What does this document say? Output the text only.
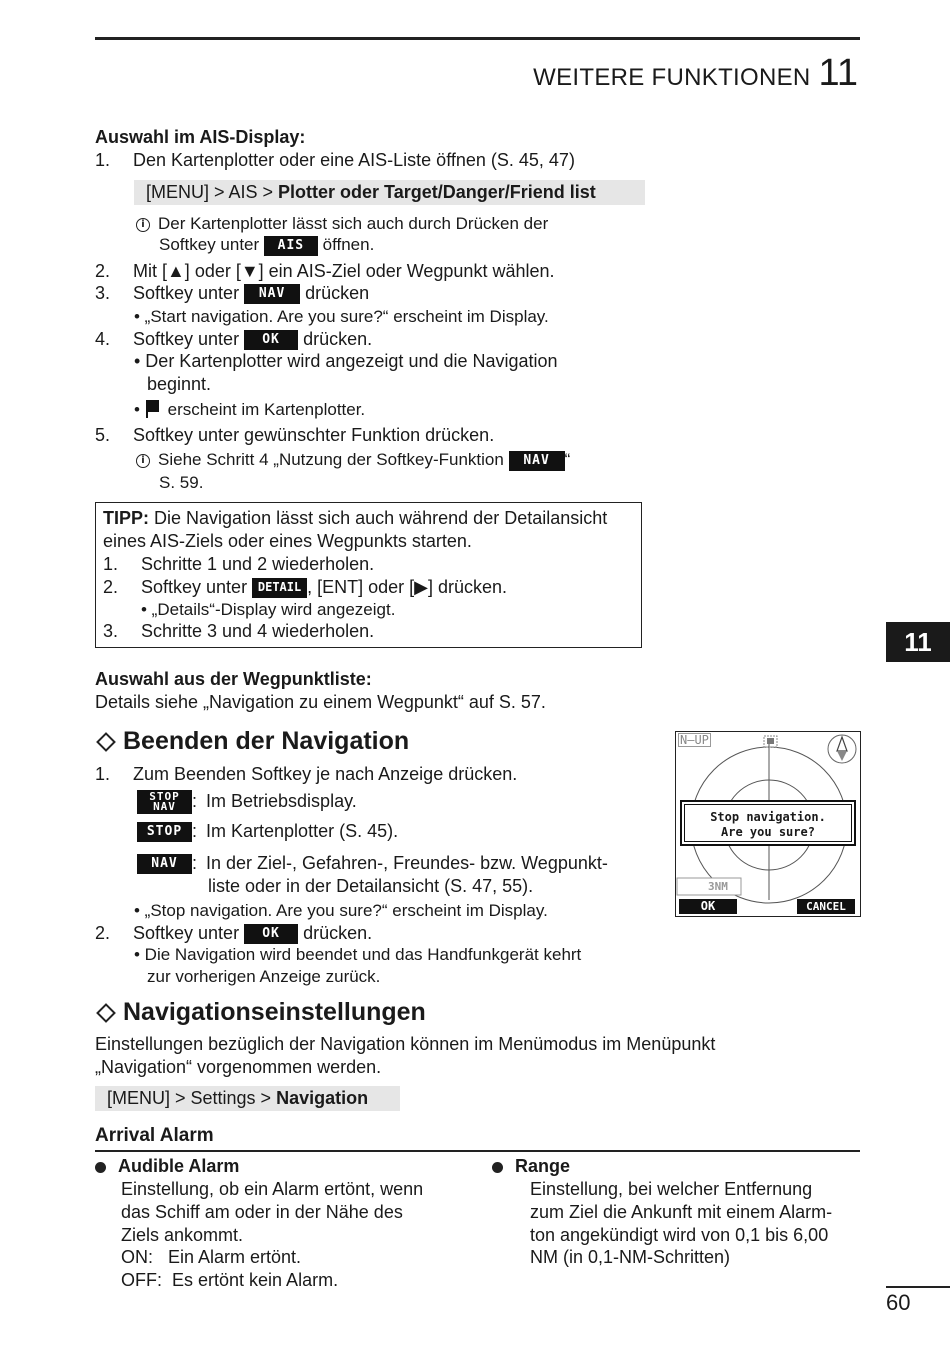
WEITERE FUNKTIONEN 11
Auswahl im AIS-Display:
1. Den Kartenplotter oder eine AIS-Liste öffnen (S. 45, 47)
[MENU] > AIS > Plotter oder Target/Danger/Friend list
i Der Kartenplotter lässt sich auch durch Drücken der
Softkey unter AIS öffnen.
2. Mit [▲] oder [▼] ein AIS-Ziel oder Wegpunkt wählen.
3. Softkey unter NAV drücken
• „Start navigation. Are you sure?“ erscheint im Display.
4. Softkey unter OK drücken.
• Der Kartenplotter wird angezeigt und die Navigation
beginnt.
• erscheint im Kartenplotter.
5. Softkey unter gewünschter Funktion drücken.
i Siehe Schritt 4 „Nutzung der Softkey-Funktion NAV “
S. 59.
TIPP: Die Navigation lässt sich auch während der Detailansicht
eines AIS-Ziels oder eines Wegpunkts starten.
1. Schritte 1 und 2 wiederholen.
2. Softkey unter DETAIL , [ENT] oder [▶] drücken.
• „Details“-Display wird angezeigt.
3. Schritte 3 und 4 wiederholen.
Auswahl aus der Wegpunktliste:
Details siehe „Navigation zu einem Wegpunkt“ auf S. 57.
Beenden der Navigation
1. Zum Beenden Softkey je nach Anzeige drücken.
STOP
NAV : Im Betriebsdisplay.
STOP : Im Kartenplotter (S. 45).
NAV : In der Ziel-, Gefahren-, Freundes- bzw. Wegpunkt-
liste oder in der Detailansicht (S. 47, 55).
• „Stop navigation. Are you sure?“ erscheint im Display.
2. Softkey unter OK drücken.
• Die Navigation wird beendet und das Handfunkgerät kehrt
zur vorherigen Anzeige zurück.
N–UP
Stop navigation.
Are you sure?
3NM
OK	CANCEL
Navigationseinstellungen
Einstellungen bezüglich der Navigation können im Menümodus im Menüpunkt
„Navigation“ vorgenommen werden.
[MENU] > Settings > Navigation
Arrival Alarm
Audible Alarm
Einstellung, ob ein Alarm ertönt, wenn
das Schiff am oder in der Nähe des
Ziels ankommt.
ON:   Ein Alarm ertönt.
OFF:  Es ertönt kein Alarm.
Range
Einstellung, bei welcher Entfernung
zum Ziel die Ankunft mit einem Alarm-
ton angekündigt wird von 0,1 bis 6,00
NM (in 0,1-NM-Schritten)
11
60
